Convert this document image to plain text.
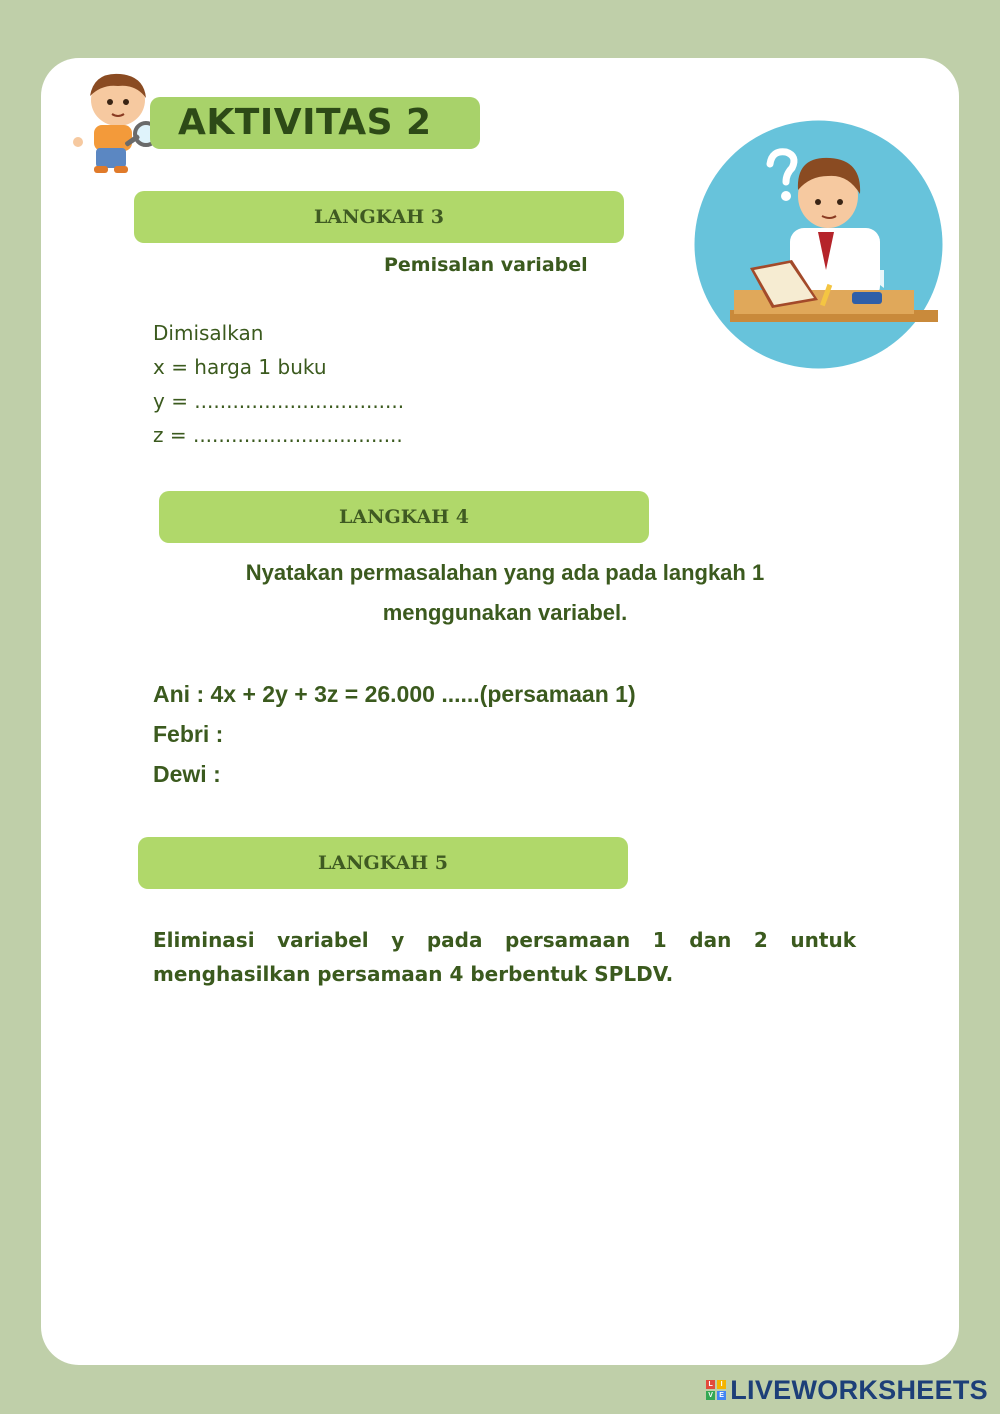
AKTIVITAS 2
LANGKAH 3
Pemisalan variabel
Dimisalkan
x = harga 1 buku
y = .................................
z = .................................
LANGKAH 4
Nyatakan permasalahan yang ada pada langkah 1
menggunakan variabel.
Ani : 4x + 2y + 3z = 26.000 ......(persamaan 1)
Febri :
Dewi :
LANGKAH 5
Eliminasi variabel y pada persamaan 1 dan 2 untuk menghasilkan persamaan 4 berbentuk SPLDV.
L	I
V E LIVEWORKSHEETS
